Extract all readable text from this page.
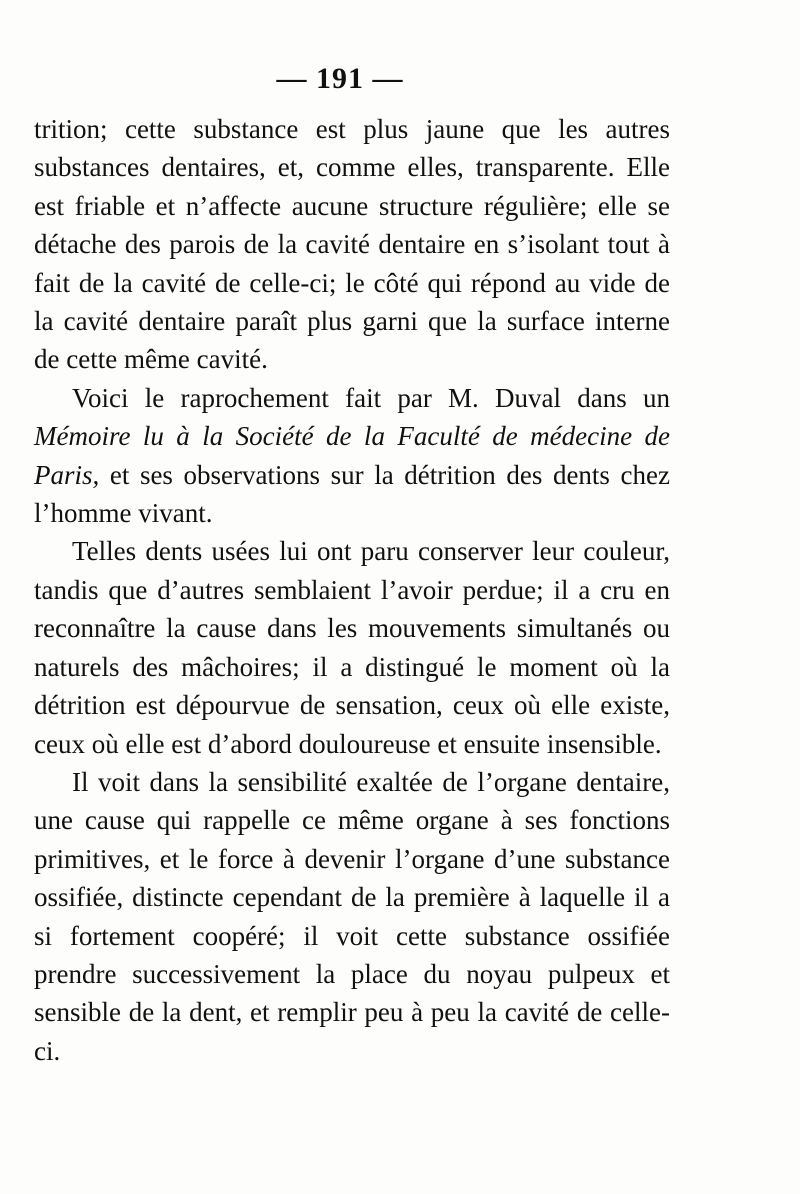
— 191 —

trition; cette substance est plus jaune que les autres substances dentaires, et, comme elles, transparente. Elle est friable et n’affecte aucune structure régulière; elle se détache des parois de la cavité dentaire en s’isolant tout à fait de la cavité de celle-ci; le côté qui répond au vide de la cavité dentaire paraît plus garni que la surface interne de cette même cavité.

Voici le raprochement fait par M. Duval dans un Mémoire lu à la Société de la Faculté de médecine de Paris, et ses observations sur la détrition des dents chez l’homme vivant.

Telles dents usées lui ont paru conserver leur couleur, tandis que d’autres semblaient l’avoir perdue; il a cru en reconnaître la cause dans les mouvements simultanés ou naturels des mâchoires; il a distingué le moment où la détrition est dépourvue de sensation, ceux où elle existe, ceux où elle est d’abord douloureuse et ensuite insensible.

Il voit dans la sensibilité exaltée de l’organe dentaire, une cause qui rappelle ce même organe à ses fonctions primitives, et le force à devenir l’organe d’une substance ossifiée, distincte cependant de la première à laquelle il a si fortement coopéré; il voit cette substance ossifiée prendre successivement la place du noyau pulpeux et sensible de la dent, et remplir peu à peu la cavité de celle-ci.
